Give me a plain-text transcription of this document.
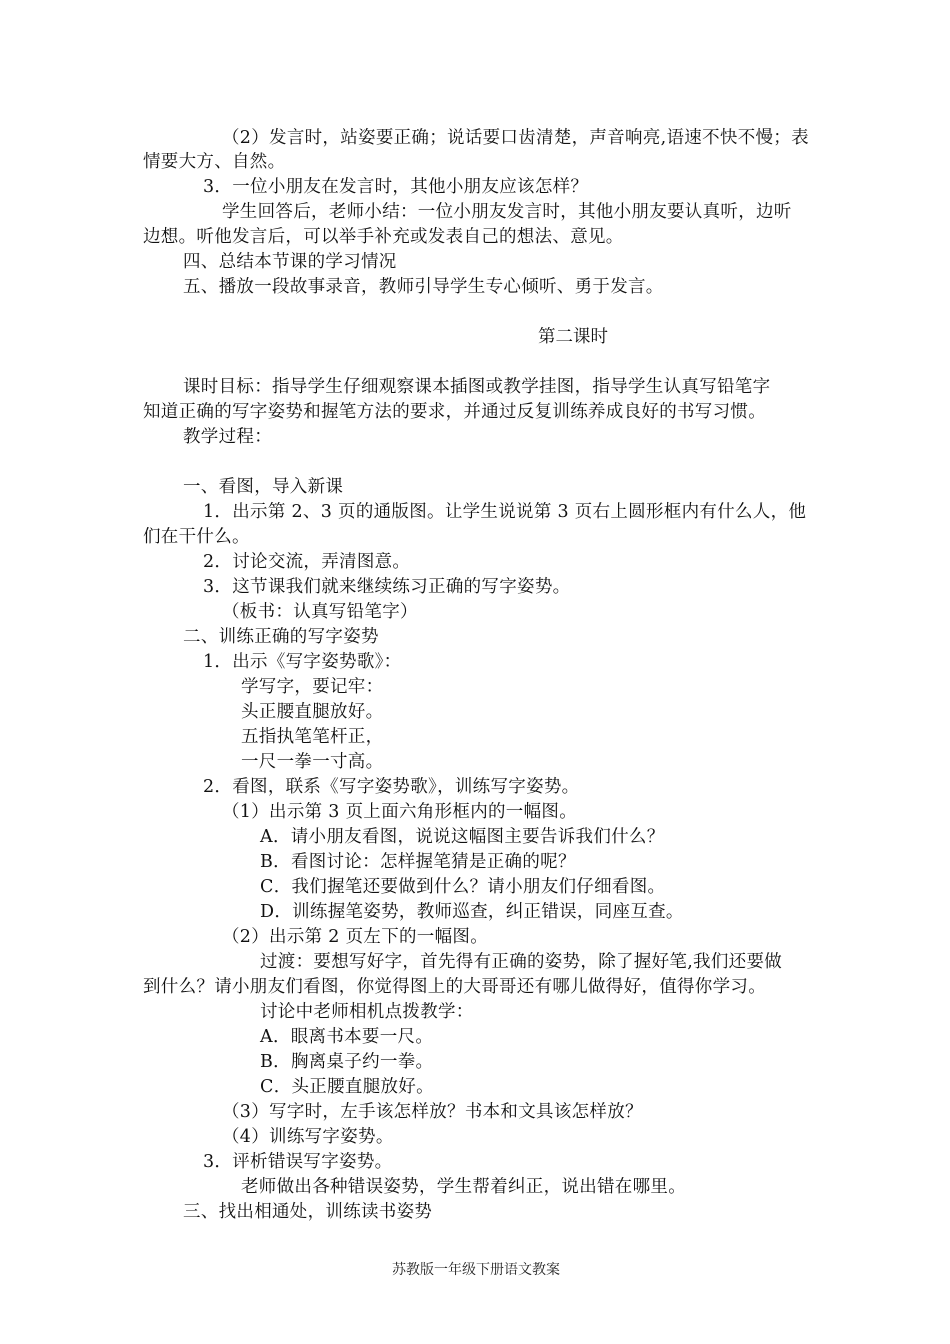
（2）发言时，站姿要正确；说话要口齿清楚，声音响亮,语速不快不慢；表
情要大方、自然。
3．一位小朋友在发言时，其他小朋友应该怎样？
学生回答后，老师小结：一位小朋友发言时，其他小朋友要认真听，边听
边想。听他发言后，可以举手补充或发表自己的想法、意见。
四、总结本节课的学习情况
五、播放一段故事录音，教师引导学生专心倾听、勇于发言。
第二课时
课时目标：指导学生仔细观察课本插图或教学挂图，指导学生认真写铅笔字
知道正确的写字姿势和握笔方法的要求，并通过反复训练养成良好的书写习惯。
教学过程：
一、看图，导入新课
1．出示第 2、3 页的通版图。让学生说说第 3 页右上圆形框内有什么人，他
们在干什么。
2．讨论交流，弄清图意。
3．这节课我们就来继续练习正确的写字姿势。
（板书：认真写铅笔字）
二、训练正确的写字姿势
1．出示《写字姿势歌》：
学写字，要记牢：
头正腰直腿放好。
五指执笔笔杆正，
一尺一拳一寸高。
2．看图，联系《写字姿势歌》，训练写字姿势。
（1）出示第 3 页上面六角形框内的一幅图。
A．请小朋友看图，说说这幅图主要告诉我们什么？
B．看图讨论：怎样握笔猜是正确的呢？
C．我们握笔还要做到什么？请小朋友们仔细看图。
D．训练握笔姿势，教师巡查，纠正错误，同座互查。
（2）出示第 2 页左下的一幅图。
过渡：要想写好字，首先得有正确的姿势，除了握好笔,我们还要做
到什么？请小朋友们看图，你觉得图上的大哥哥还有哪儿做得好，值得你学习。
讨论中老师相机点拨教学：
A．眼离书本要一尺。
B．胸离桌子约一拳。
C．头正腰直腿放好。
（3）写字时，左手该怎样放？书本和文具该怎样放？
（4）训练写字姿势。
3．评析错误写字姿势。
老师做出各种错误姿势，学生帮着纠正，说出错在哪里。
三、找出相通处，训练读书姿势
苏教版一年级下册语文教案
